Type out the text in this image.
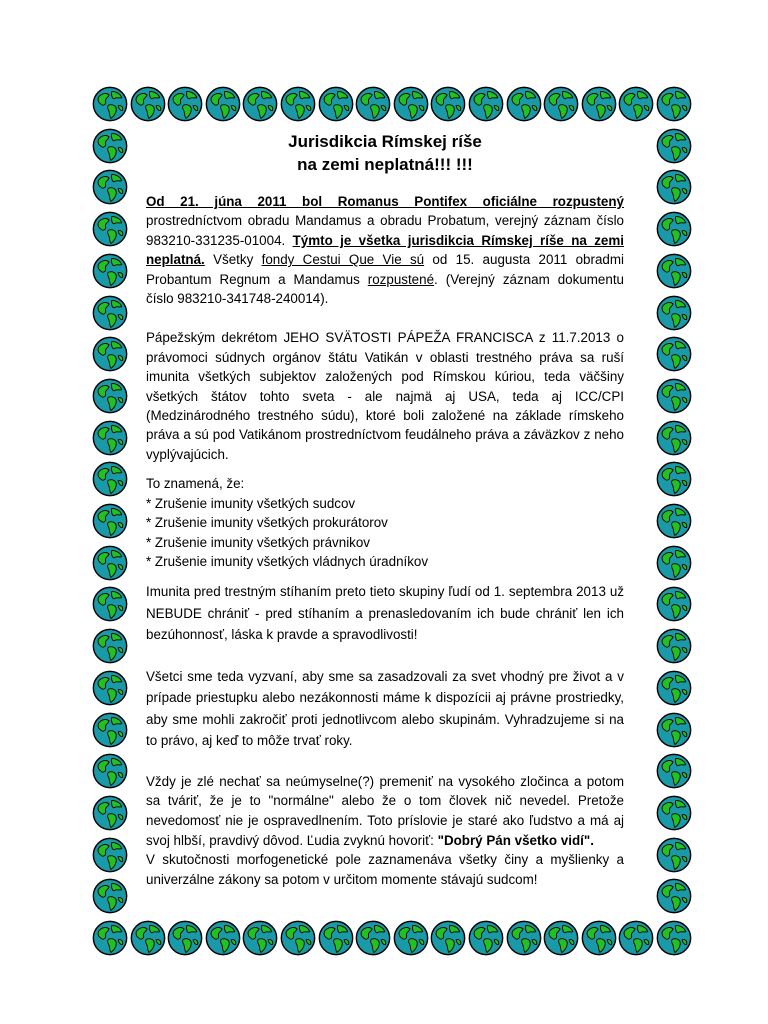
Jurisdikcia Rímskej ríše
na zemi neplatná!!! !!!

Od 21. júna 2011 bol Romanus Pontifex oficiálne rozpustený prostredníctvom obradu Mandamus a obradu Probatum, verejný záznam číslo 983210-331235-01004. Týmto je všetka jurisdikcia Rímskej ríše na zemi neplatná. Všetky fondy Cestui Que Vie sú od 15. augusta 2011 obradmi Probantum Regnum a Mandamus rozpustené. (Verejný záznam dokumentu číslo 983210-341748-240014).

Pápežským dekrétom JEHO SVÄTOSTI PÁPEŽA FRANCISCA z 11.7.2013 o právomoci súdnych orgánov štátu Vatikán v oblasti trestného práva sa ruší imunita všetkých subjektov založených pod Rímskou kúriou, teda väčšiny všetkých štátov tohto sveta - ale najmä aj USA, teda aj ICC/CPI (Medzinárodného trestného súdu), ktoré boli založené na základe rímskeho práva a sú pod Vatikánom prostredníctvom feudálneho práva a záväzkov z neho vyplývajúcich.

To znamená, že:
* Zrušenie imunity všetkých sudcov
* Zrušenie imunity všetkých prokurátorov
* Zrušenie imunity všetkých právnikov
* Zrušenie imunity všetkých vládnych úradníkov

Imunita pred trestným stíhaním preto tieto skupiny ľudí od 1. septembra 2013 už NEBUDE chrániť - pred stíhaním a prenasledovaním ich bude chrániť len ich bezúhonnosť, láska k pravde a spravodlivosti!

Všetci sme teda vyzvaní, aby sme sa zasadzovali za svet vhodný pre život a v prípade priestupku alebo nezákonnosti máme k dispozícii aj právne prostriedky, aby sme mohli zakročiť proti jednotlivcom alebo skupinám. Vyhradzujeme si na to právo, aj keď to môže trvať roky.

Vždy je zlé nechať sa neúmyselne(?) premeniť na vysokého zločinca a potom sa tváriť, že je to "normálne" alebo že o tom človek nič nevedel. Pretože nevedomosť nie je ospravedlnením. Toto príslovie je staré ako ľudstvo a má aj svoj hlbší, pravdivý dôvod. Ľudia zvyknú hovoriť: "Dobrý Pán všetko vidí".
V skutočnosti morfogenetické pole zaznamenáva všetky činy a myšlienky a univerzálne zákony sa potom v určitom momente stávajú sudcom!
